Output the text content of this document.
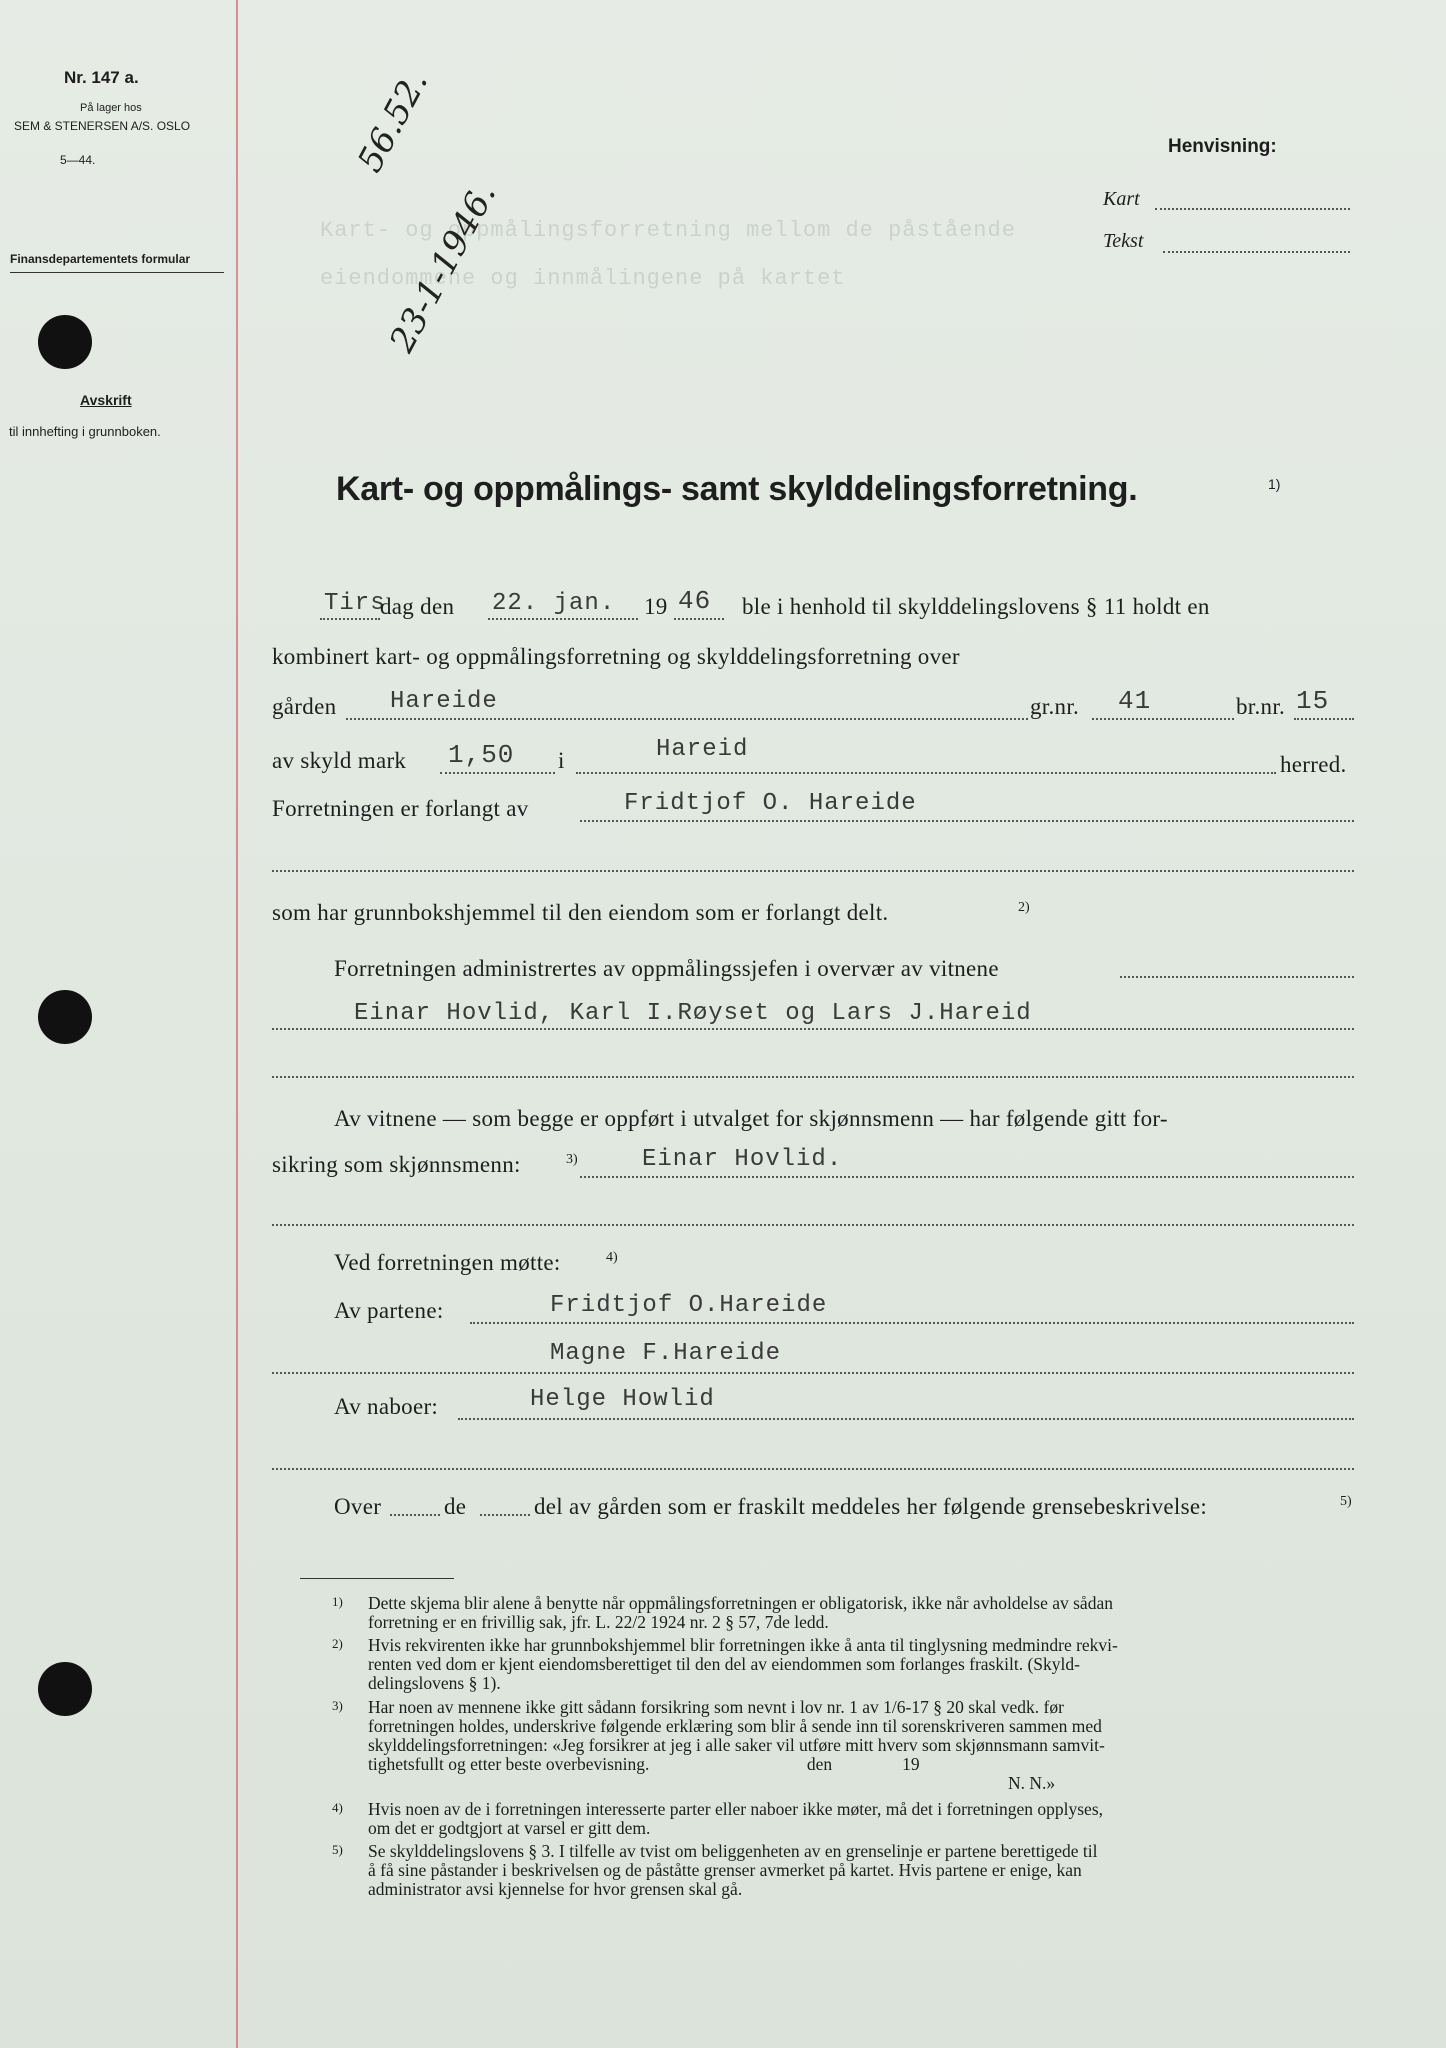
Nr. 147 a.
På lager hos
SEM & STENERSEN A/S. OSLO
5—44.
Finansdepartementets formular
Avskrift
til innhefting i grunnboken.
56.52.
23-1-1946.
Henvisning:
Kart
Tekst
Kart- og oppmålingsforretning mellom de påstående
eiendommene og innmålingene på kartet
Kart- og oppmålings- samt skylddelingsforretning.	1)
Tirs
dag den 22. jan. 19 46 ble i henhold til skylddelingslovens § 11 holdt en
kombinert kart- og oppmålingsforretning og skylddelingsforretning over
gården Hareide	gr.nr. 41	br.nr. 15
av skyld mark 1,50 i	Hareid
herred.
Forretningen er forlangt av	Fridtjof O. Hareide
som har grunnbokshjemmel til den eiendom som er forlangt delt.	2)
Forretningen administrertes av oppmålingssjefen i overvær av vitnene
Einar Hovlid, Karl I.Røyset og Lars J.Hareid
Av vitnene — som begge er oppført i utvalget for skjønnsmenn — har følgende gitt for-
sikring som skjønnsmenn:	3)	Einar Hovlid.
Ved forretningen møtte:	4)
Av partene:	Fridtjof O.Hareide
Magne F.Hareide
Av naboer:	Helge Howlid
Over	de	del av gården som er fraskilt meddeles her følgende grensebeskrivelse:	5)
1) Dette skjema blir alene å benytte når oppmålingsforretningen er obligatorisk, ikke når avholdelse av sådan
forretning er en frivillig sak, jfr. L. 22/2 1924 nr. 2 § 57, 7de ledd.
2) Hvis rekvirenten ikke har grunnbokshjemmel blir forretningen ikke å anta til tinglysning medmindre rekvi-
renten ved dom er kjent eiendomsberettiget til den del av eiendommen som forlanges fraskilt. (Skyld-
delingslovens § 1).
3) Har noen av mennene ikke gitt sådann forsikring som nevnt i lov nr. 1 av 1/6-17 § 20 skal vedk. før
forretningen holdes, underskrive følgende erklæring som blir å sende inn til sorenskriveren sammen med
skylddelingsforretningen: «Jeg forsikrer at jeg i alle saker vil utføre mitt hverv som skjønnsmann samvit-
tighetsfullt og etter beste overbevisning.                                    den                19
N. N.»
4) Hvis noen av de i forretningen interesserte parter eller naboer ikke møter, må det i forretningen opplyses,
om det er godtgjort at varsel er gitt dem.
5) Se skylddelingslovens § 3. I tilfelle av tvist om beliggenheten av en grenselinje er partene berettigede til
å få sine påstander i beskrivelsen og de påståtte grenser avmerket på kartet. Hvis partene er enige, kan
administrator avsi kjennelse for hvor grensen skal gå.
